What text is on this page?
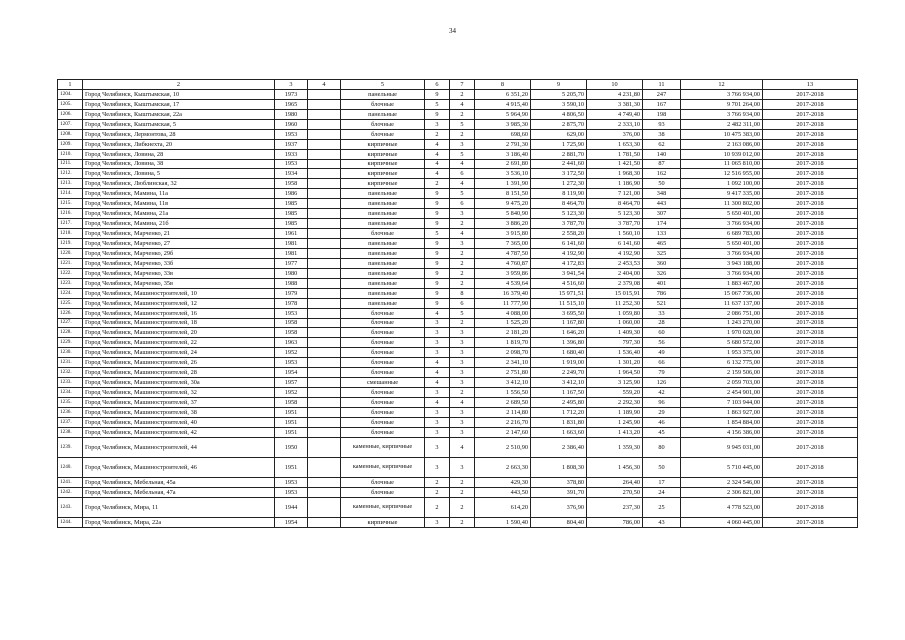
34
1	2	3	4	5	6	7	8	9	10	11	12	13
1204.	Город Челябинск, Кыштымская, 10	1973		панельные	9	2	6 351,20	5 205,70	4 231,80	247	3 766 934,00	2017-2018
1205.	Город Челябинск, Кыштымская, 17	1965		блочные	5	4	4 915,40	3 590,10	3 381,30	167	9 701 264,00	2017-2018
1206.	Город Челябинск, Кыштымская, 22а	1980		панельные	9	2	5 964,90	4 806,50	4 749,40	198	3 766 934,00	2017-2018
1207.	Город Челябинск, Кыштымская, 5	1960		блочные	3	5	3 985,30	2 875,70	2 333,10	93	2 482 311,00	2017-2018
1208.	Город Челябинск, Лермонтова, 28	1953		блочные	2	2	698,60	629,00	376,00	38	10 475 383,00	2017-2018
1209.	Город Челябинск, Либкнехта, 20	1937		кирпичные	4	3	2 791,30	1 725,90	1 653,30	62	2 163 086,00	2017-2018
1210.	Город Челябинск, Ловина, 28	1933		кирпичные	4	5	3 186,40	2 881,70	1 781,50	140	10 939 012,00	2017-2018
1211.	Город Челябинск, Ловина, 38	1953		кирпичные	4	4	2 691,80	2 441,60	1 421,50	87	11 065 810,00	2017-2018
1212.	Город Челябинск, Ловина, 5	1934		кирпичные	4	6	3 536,10	3 172,50	1 968,30	162	12 516 955,00	2017-2018
1213.	Город Челябинск, Люблинская, 32	1958		кирпичные	2	4	1 391,90	1 272,30	1 186,90	50	1 092 100,00	2017-2018
1214.	Город Челябинск, Мамина, 11а	1986		панельные	9	5	8 151,50	8 119,90	7 121,00	348	9 417 335,00	2017-2018
1215.	Город Челябинск, Мамина, 11в	1985		панельные	9	6	9 475,20	8 464,70	8 464,70	443	11 300 802,00	2017-2018
1216.	Город Челябинск, Мамина, 21а	1985		панельные	9	3	5 840,90	5 123,30	5 123,30	307	5 650 401,00	2017-2018
1217.	Город Челябинск, Мамина, 21б	1985		панельные	9	2	3 886,20	3 787,70	3 787,70	174	3 766 934,00	2017-2018
1218.	Город Челябинск, Марченко, 21	1961		блочные	5	4	3 915,80	2 558,20	1 560,10	133	6 689 783,00	2017-2018
1219.	Город Челябинск, Марченко, 27	1981		панельные	9	3	7 365,00	6 141,60	6 141,60	465	5 650 401,00	2017-2018
1220.	Город Челябинск, Марченко, 29б	1981		панельные	9	2	4 787,50	4 192,90	4 192,90	325	3 766 934,00	2017-2018
1221.	Город Челябинск, Марченко, 33б	1977		панельные	9	2	4 760,87	4 172,83	2 453,53	360	3 943 188,00	2017-2018
1222.	Город Челябинск, Марченко, 33в	1980		панельные	9	2	3 959,86	3 941,54	2 404,00	326	3 766 934,00	2017-2018
1223.	Город Челябинск, Марченко, 35в	1988		панельные	9	2	4 539,64	4 516,60	2 379,08	401	1 883 467,00	2017-2018
1224.	Город Челябинск, Машиностроителей, 10	1979		панельные	9	8	16 379,40	15 971,51	15 015,91	786	15 067 736,00	2017-2018
1225.	Город Челябинск, Машиностроителей, 12	1978		панельные	9	6	11 777,90	11 515,10	11 252,30	521	11 637 137,00	2017-2018
1226.	Город Челябинск, Машиностроителей, 16	1953		блочные	4	5	4 088,00	3 695,50	1 059,80	33	2 086 751,00	2017-2018
1227.	Город Челябинск, Машиностроителей, 18	1958		блочные	3	2	1 525,20	1 167,80	1 060,00	28	1 243 270,00	2017-2018
1228.	Город Челябинск, Машиностроителей, 20	1958		блочные	3	3	2 181,20	1 646,20	1 409,30	60	1 970 020,00	2017-2018
1229.	Город Челябинск, Машиностроителей, 22	1963		блочные	3	3	1 819,70	1 396,80	797,30	56	5 680 572,00	2017-2018
1230.	Город Челябинск, Машиностроителей, 24	1952		блочные	3	3	2 098,70	1 680,40	1 536,40	49	1 953 375,00	2017-2018
1231.	Город Челябинск, Машиностроителей, 26	1953		блочные	4	3	2 341,10	1 919,00	1 301,20	66	6 132 775,00	2017-2018
1232.	Город Челябинск, Машиностроителей, 28	1954		блочные	4	3	2 751,80	2 249,70	1 964,50	79	2 159 506,00	2017-2018
1233.	Город Челябинск, Машиностроителей, 30а	1957		смешанные	4	3	3 412,10	3 412,10	3 125,90	126	2 059 703,00	2017-2018
1234.	Город Челябинск, Машиностроителей, 32	1952		блочные	3	2	1 556,50	1 167,50	559,20	42	2 454 901,00	2017-2018
1235.	Город Челябинск, Машиностроителей, 37	1958		блочные	4	4	2 689,50	2 495,80	2 292,30	96	7 103 944,00	2017-2018
1236.	Город Челябинск, Машиностроителей, 38	1951		блочные	3	3	2 114,80	1 712,20	1 189,90	29	1 863 927,00	2017-2018
1237.	Город Челябинск, Машиностроителей, 40	1951		блочные	3	3	2 216,70	1 831,80	1 245,90	46	1 854 884,00	2017-2018
1238.	Город Челябинск, Машиностроителей, 42	1951		блочные	3	3	2 147,60	1 663,60	1 413,20	45	4 156 386,00	2017-2018
1239.	Город Челябинск, Машиностроителей, 44	1950		каменные, кирпичные	3	4	2 510,90	2 386,40	1 359,30	80	9 945 031,00	2017-2018
1240.	Город Челябинск, Машиностроителей, 46	1951		каменные, кирпичные	3	3	2 663,30	1 808,30	1 456,30	50	5 710 445,00	2017-2018
1241.	Город Челябинск, Мебельная, 45а	1953		блочные	2	2	429,30	378,80	264,40	17	2 324 546,00	2017-2018
1242.	Город Челябинск, Мебельная, 47а	1953		блочные	2	2	443,50	391,70	270,50	24	2 306 821,00	2017-2018
1243.	Город Челябинск, Мира, 11	1944		каменные, кирпичные	2	2	614,20	376,90	237,30	25	4 778 523,00	2017-2018
1244.	Город Челябинск, Мира, 22а	1954		кирпичные	3	2	1 590,40	804,40	786,00	43	4 060 445,00	2017-2018
